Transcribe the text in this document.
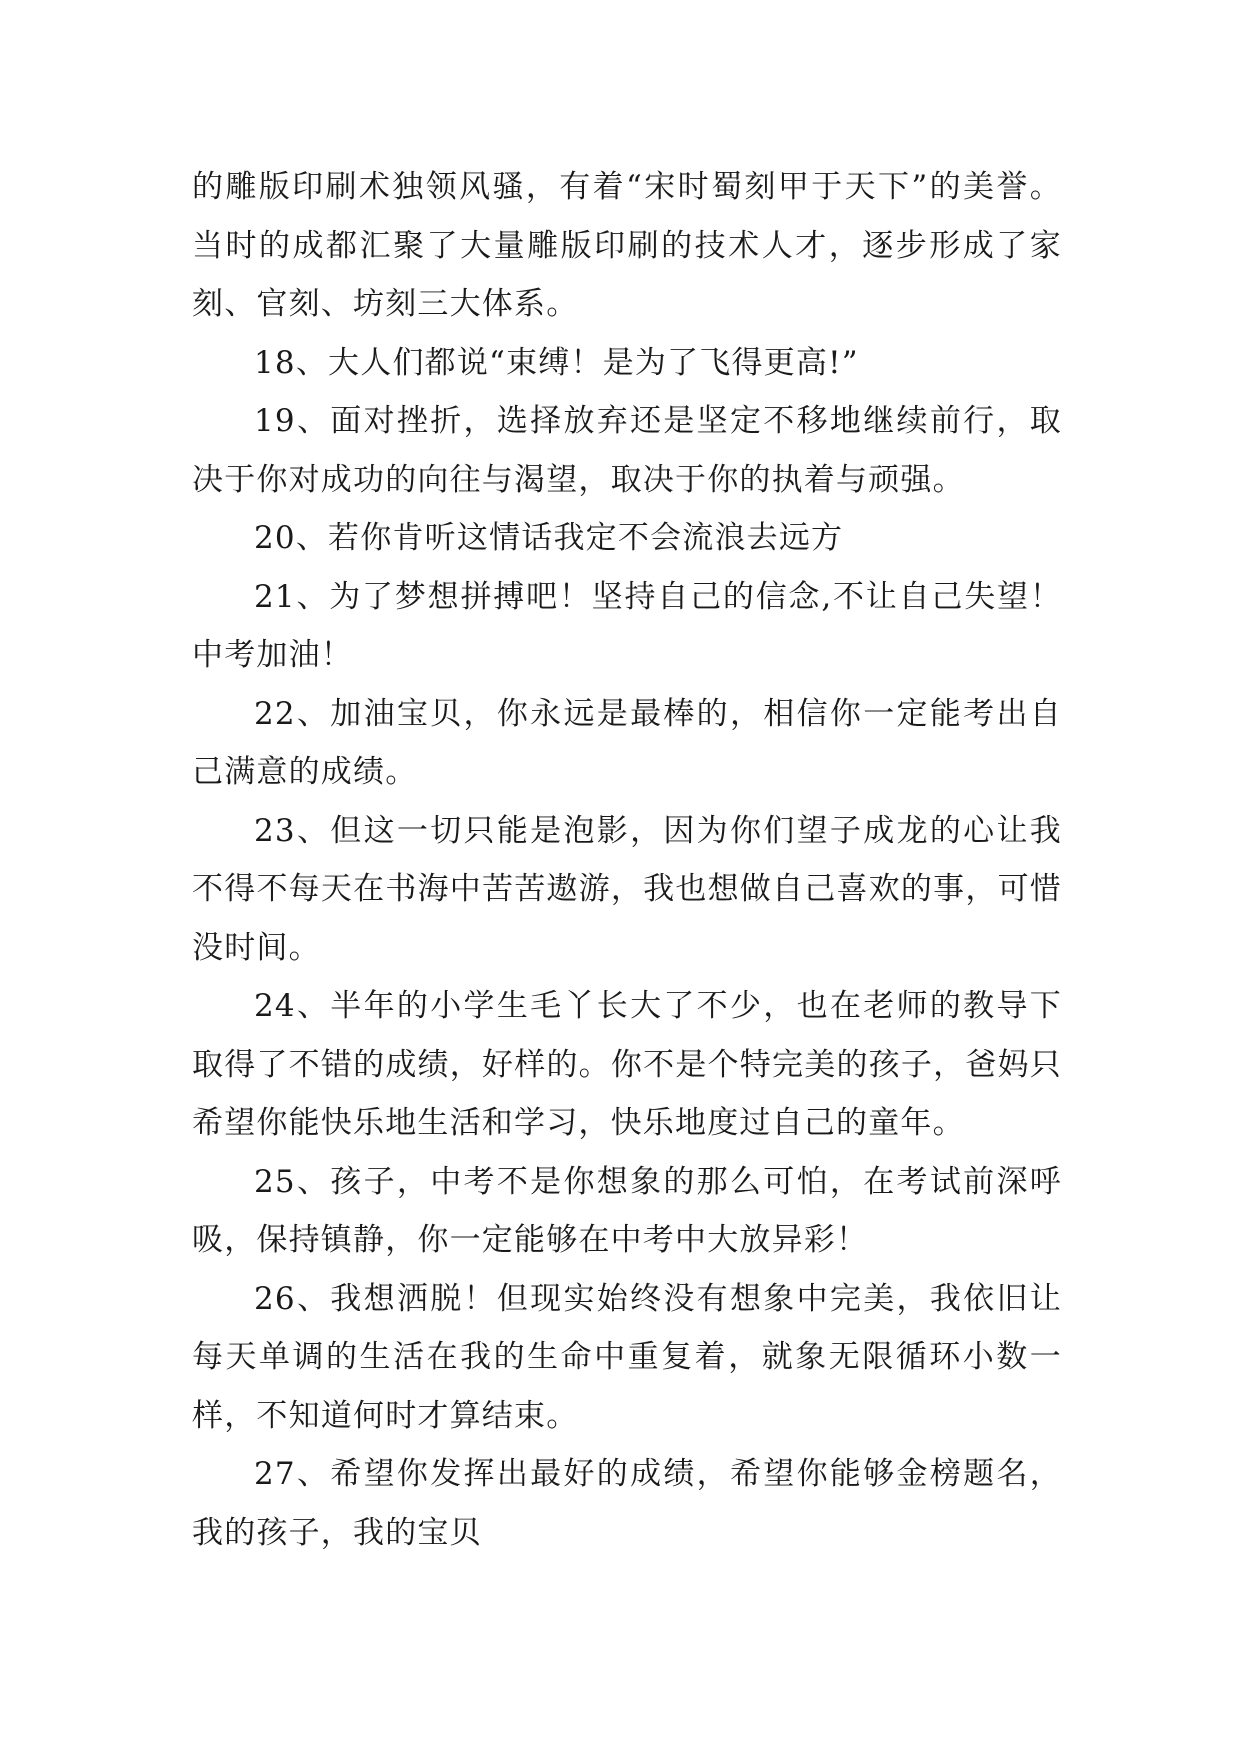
的雕版印刷术独领风骚，有着“宋时蜀刻甲于天下”的美誉。当时的成都汇聚了大量雕版印刷的技术人才，逐步形成了家刻、官刻、坊刻三大体系。

18、大人们都说“束缚！是为了飞得更高!”

19、面对挫折，选择放弃还是坚定不移地继续前行，取决于你对成功的向往与渴望，取决于你的执着与顽强。

20、若你肯听这情话我定不会流浪去远方

21、为了梦想拼搏吧！坚持自己的信念,不让自己失望！中考加油！

22、加油宝贝，你永远是最棒的，相信你一定能考出自己满意的成绩。

23、但这一切只能是泡影，因为你们望子成龙的心让我不得不每天在书海中苦苦遨游，我也想做自己喜欢的事，可惜没时间。

24、半年的小学生毛丫长大了不少，也在老师的教导下取得了不错的成绩，好样的。你不是个特完美的孩子，爸妈只希望你能快乐地生活和学习，快乐地度过自己的童年。

25、孩子，中考不是你想象的那么可怕，在考试前深呼吸，保持镇静，你一定能够在中考中大放异彩！

26、我想洒脱！但现实始终没有想象中完美，我依旧让每天单调的生活在我的生命中重复着，就象无限循环小数一样，不知道何时才算结束。

27、希望你发挥出最好的成绩，希望你能够金榜题名，我的孩子，我的宝贝
